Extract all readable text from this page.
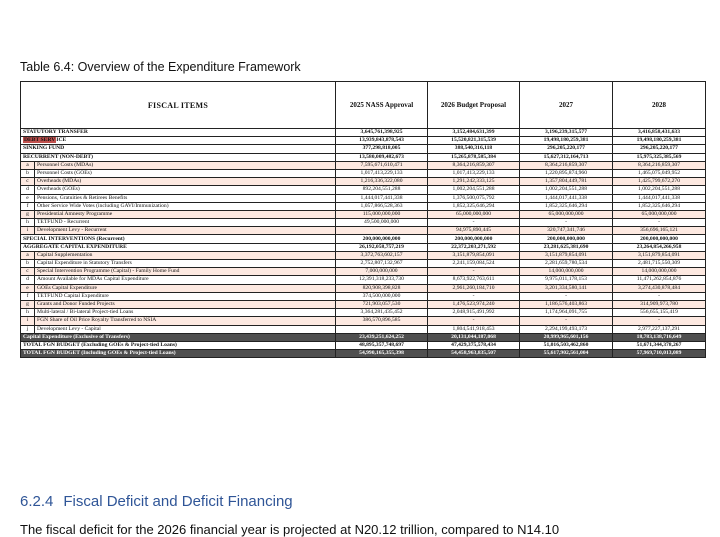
Table 6.4: Overview of the Expenditure Framework
FISCAL ITEMS		2025 NASS Approval	2026 Budget Proposal	2027	2028
STATUTORY TRANSFER		3,645,761,398,925	3,152,484,631,399	3,196,239,315,577	3,416,858,431,633
DEBT SERVICE		13,939,843,878,543	15,520,821,315,539	19,498,180,259,381	19,498,180,259,381
SINKING FUND		377,298,818,005	388,540,316,118	296,205,220,177	296,205,220,177
RECURRENT (NON-DEBT)		13,580,009,482,673	15,265,878,585,384	15,627,312,164,713	15,975,325,385,569
a	Personnel Costs (MDAs)	7,595,671,610,471	8,364,216,859,307	8,364,216,859,307	8,364,216,859,307
b	Personnel Costs (GOEs)	1,017,413,229,133	1,017,413,229,133	1,220,895,874,960	1,465,075,049,952
c	Overheads (MDAs)	1,216,336,322,080	1,291,242,333,125	1,357,804,449,781	1,425,799,672,270
d	Overheads (GOEs)	892,204,551,288	1,002,204,551,288	1,002,204,551,288	1,002,204,551,288
e	Pensions, Gratuities & Retirees Benefits	1,444,017,441,338	1,376,500,075,792	1,444,017,441,338	1,444,017,441,338
f	Other Service Wide Votes (including GAVI/Immunization)	1,057,866,528,363	1,852,325,646,294	1,852,325,646,294	1,852,325,646,294
g	Presidential Amnesty Programme	115,000,000,000	65,000,000,000	65,000,000,000	65,000,000,000
h	TETFUND - Recurrent	49,500,000,000	-	-	-
i	Development Levy - Recurrent		94,975,890,445	320,747,341,746	356,696,165,121
SPECIAL INTERVENTIONS (Recurrent)		200,000,000,000	200,000,000,000	200,000,000,000	200,000,000,000
AGGREGATE CAPITAL EXPENDITURE		26,192,058,757,219	22,372,203,271,592	23,281,625,381,690	23,264,854,266,958
a	Capital Supplementation	3,372,763,602,157	3,151,879,854,091	3,151,879,854,091	3,151,879,854,091
b	Capital Expenditure in Statutory Transfers	2,752,807,132,967	2,241,159,084,524	2,281,659,780,534	2,481,715,550,309
c	Special Intervention Programme (Capital) - Family Home Fund	7,000,000,000	-	14,000,000,000	14,000,000,000
d	Amount Available for MDAs Capital Expenditure	12,391,318,233,730	8,673,922,763,611	9,975,011,178,153	11,471,262,854,876
e	GOEs Capital Expenditure	820,908,398,828	2,961,260,184,710	3,201,334,580,141	3,274,430,878,484
f	TETFUND Capital Expenditure	374,500,000,000	-	-	-
g	Grants and Donor Funded Projects	721,903,057,530	1,476,523,974,240	1,186,576,403,863	314,909,973,780
h	Multi-lateral / Bi-lateral Project-tied Loans	3,364,281,435,452	2,048,915,491,992	1,174,964,091,755	556,655,155,419
i	FGN Share of Oil Price Royalty Transferred to NSIA	386,570,896,585	-	-	-
j	Development Levy - Capital		1,804,541,918,453	2,294,199,493,173	2,977,227,137,291
Capital Expenditure (Exclusive of Transfers)		23,439,251,624,252	20,131,044,187,068	20,999,965,601,156	18,783,138,716,649
TOTAL FGN BUDGET (Excluding GOEs & Project-tied Loans)		48,895,357,748,697	47,429,375,578,434	51,016,503,462,860	51,671,344,378,267
TOTAL FGN BUDGET (Including GOEs & Project-tied Loans)		54,990,165,355,398	54,458,963,835,507	55,617,902,561,004	57,969,710,013,089
6.2.4 Fiscal Deficit and Deficit Financing
The fiscal deficit for the 2026 financial year is projected at N20.12 trillion, compared to N14.10
